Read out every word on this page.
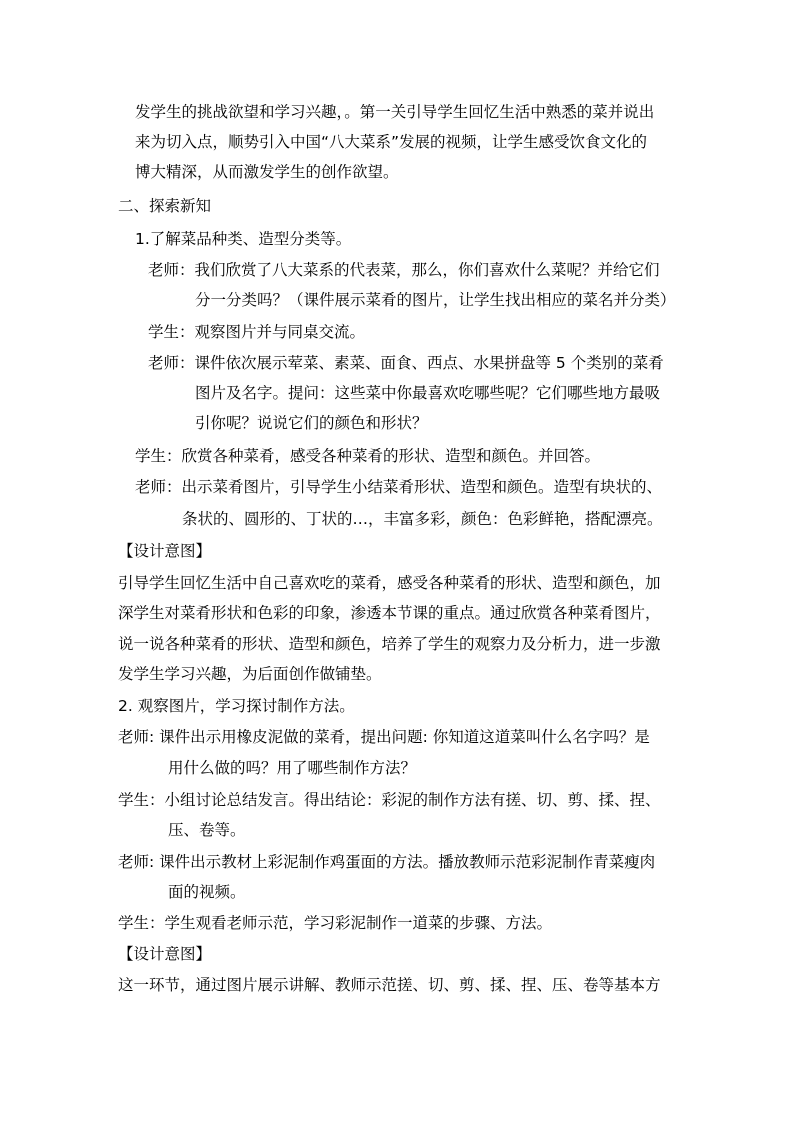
发学生的挑战欲望和学习兴趣，。第一关引导学生回忆生活中熟悉的菜并说出
来为切入点，顺势引入中国“八大菜系”发展的视频，让学生感受饮食文化的
博大精深，从而激发学生的创作欲望。
二、探索新知
1.了解菜品种类、造型分类等。
老师：我们欣赏了八大菜系的代表菜，那么，你们喜欢什么菜呢？并给它们
分一分类吗？（课件展示菜肴的图片，让学生找出相应的菜名并分类）
学生：观察图片并与同桌交流。
老师：课件依次展示荤菜、素菜、面食、西点、水果拼盘等 5 个类别的菜肴
图片及名字。提问：这些菜中你最喜欢吃哪些呢？它们哪些地方最吸
引你呢？说说它们的颜色和形状？
学生：欣赏各种菜肴，感受各种菜肴的形状、造型和颜色。并回答。
老师：出示菜肴图片，引导学生小结菜肴形状、造型和颜色。造型有块状的、
条状的、圆形的、丁状的…，丰富多彩，颜色：色彩鲜艳，搭配漂亮。
【设计意图】
引导学生回忆生活中自己喜欢吃的菜肴，感受各种菜肴的形状、造型和颜色，加
深学生对菜肴形状和色彩的印象，渗透本节课的重点。通过欣赏各种菜肴图片，
说一说各种菜肴的形状、造型和颜色，培养了学生的观察力及分析力，进一步激
发学生学习兴趣，为后面创作做铺垫。
2. 观察图片，学习探讨制作方法。
老师: 课件出示用橡皮泥做的菜肴，提出问题: 你知道这道菜叫什么名字吗？是
用什么做的吗？用了哪些制作方法？
学生：小组讨论总结发言。得出结论：彩泥的制作方法有搓、切、剪、揉、捏、
压、卷等。
老师: 课件出示教材上彩泥制作鸡蛋面的方法。播放教师示范彩泥制作青菜瘦肉
面的视频。
学生：学生观看老师示范，学习彩泥制作一道菜的步骤、方法。
【设计意图】
这一环节，通过图片展示讲解、教师示范搓、切、剪、揉、捏、压、卷等基本方
